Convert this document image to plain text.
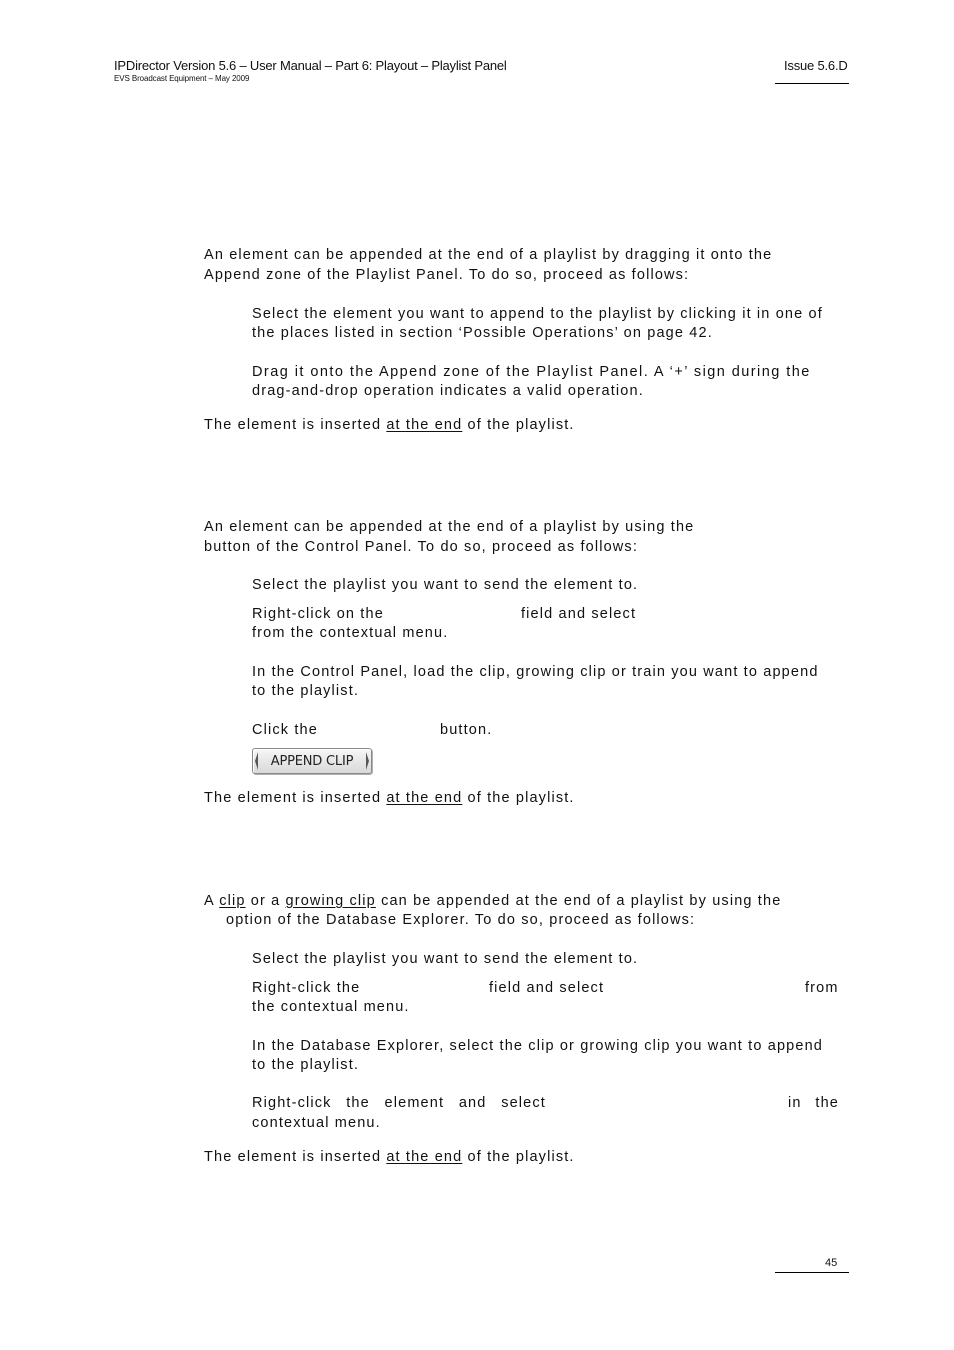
IPDirector Version 5.6 – User Manual – Part 6: Playout – Playlist Panel
EVS Broadcast Equipment – May 2009
Issue 5.6.D
An element can be appended at the end of a playlist by dragging it onto the
Append zone of the Playlist Panel. To do so, proceed as follows:
Select the element you want to append to the playlist by clicking it in one of
the places listed in section ‘Possible Operations’ on page 42.
Drag it onto the Append zone of the Playlist Panel. A ‘+’ sign during the
drag-and-drop operation indicates a valid operation.
The element is inserted at the end of the playlist.
An element can be appended at the end of a playlist by using the
button of the Control Panel. To do so, proceed as follows:
Select the playlist you want to send the element to.
Right-click on the	field and select
from the contextual menu.
In the Control Panel, load the clip, growing clip or train you want to append
to the playlist.
Click the	button.
APPEND CLIP
The element is inserted at the end of the playlist.
A clip or a growing clip can be appended at the end of a playlist by using the
option of the Database Explorer. To do so, proceed as follows:
Select the playlist you want to send the element to.
Right-click the	field and select	from
the contextual menu.
In the Database Explorer, select the clip or growing clip you want to append
to the playlist.
Right-click the element and select	in the
contextual menu.
The element is inserted at the end of the playlist.
45
